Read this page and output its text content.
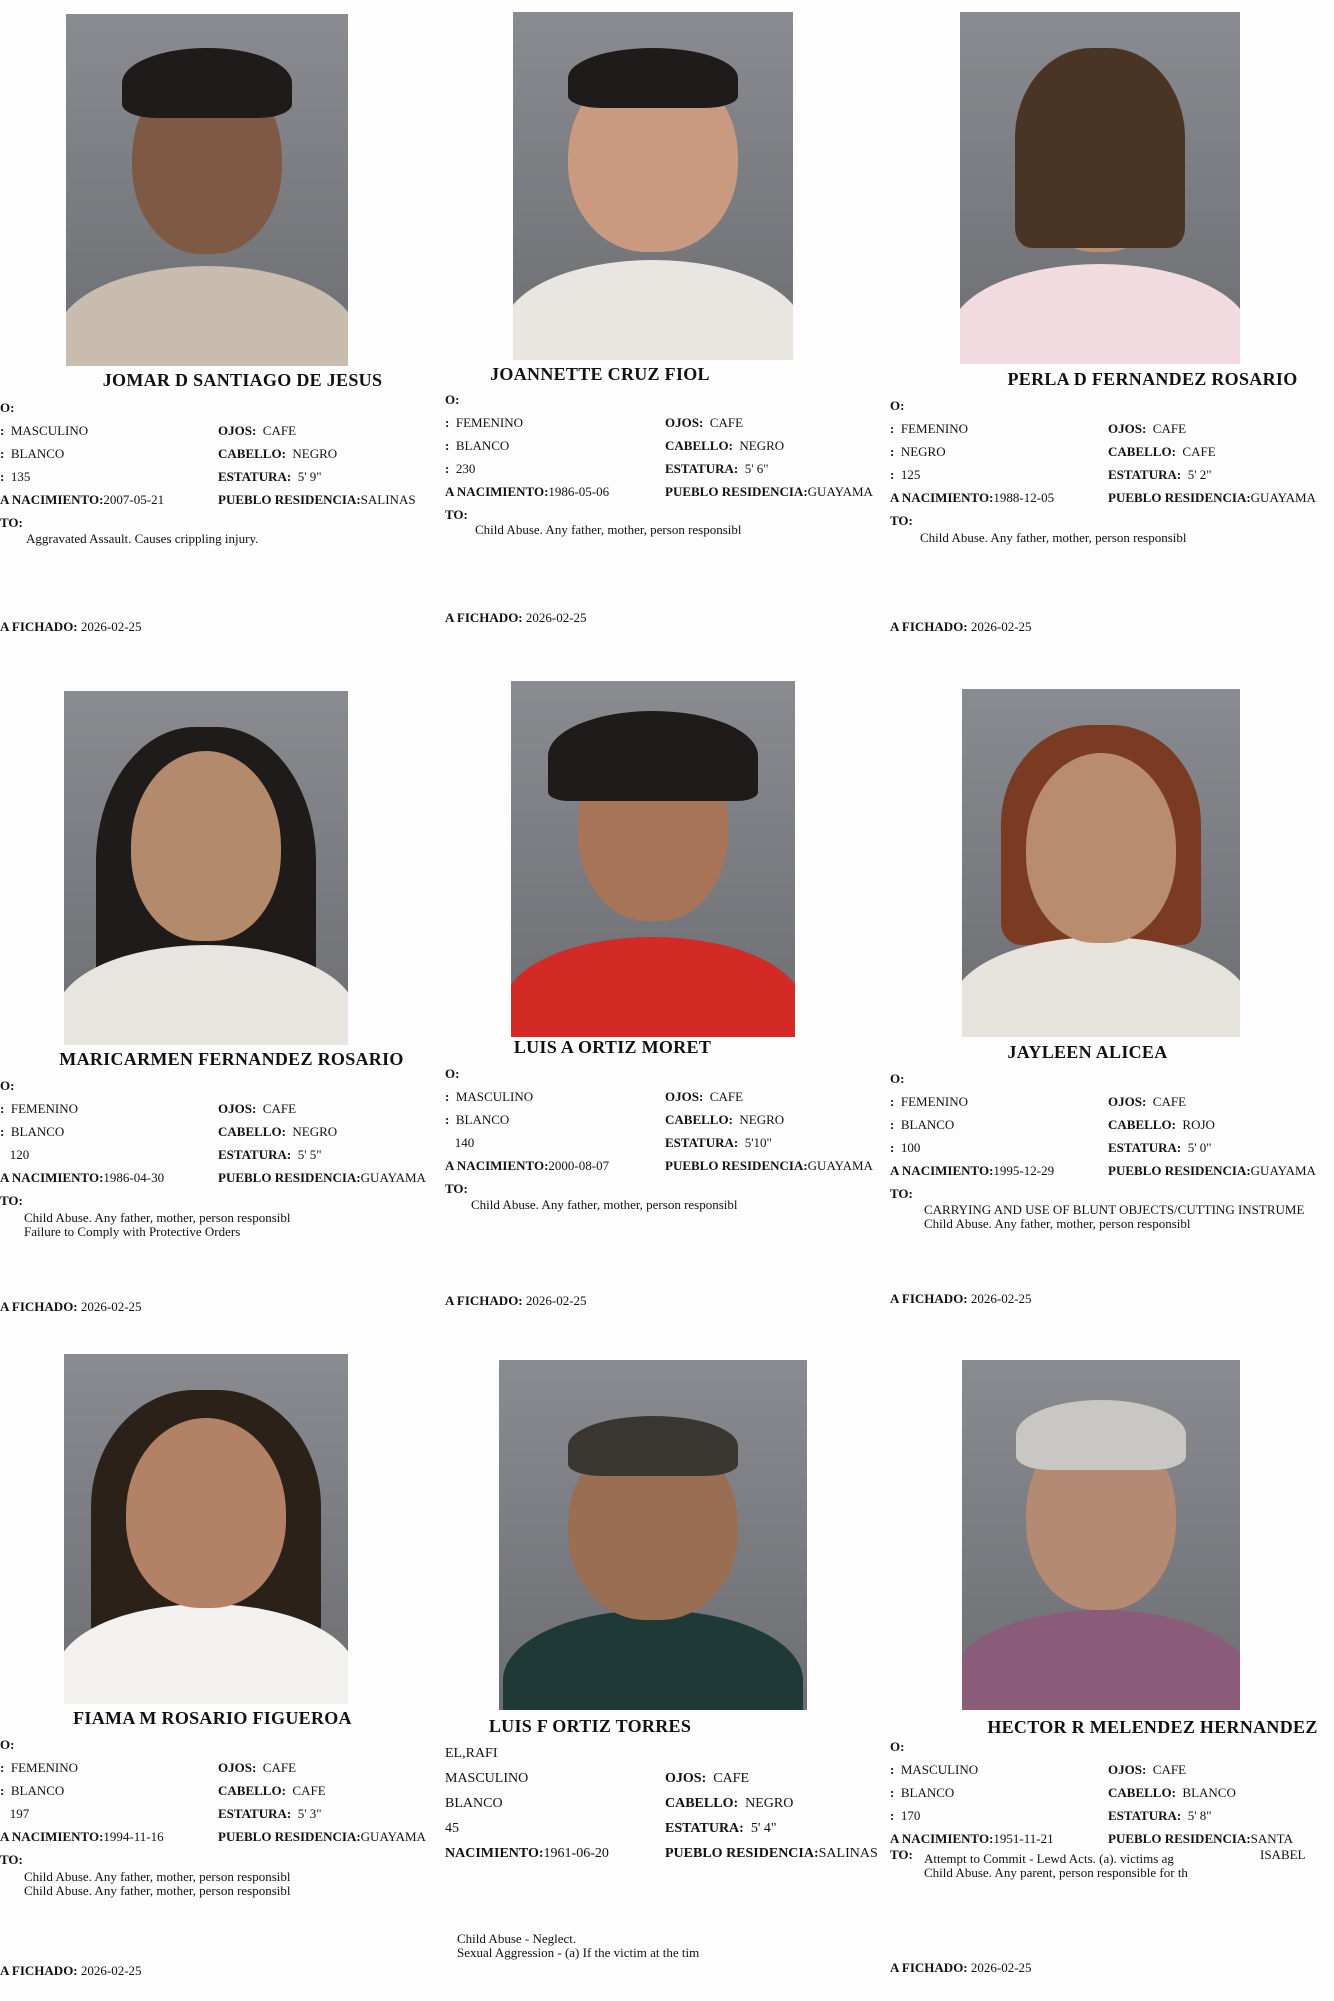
JOMAR D SANTIAGO DE JESUS
O:
: MASCULINO	OJOS: CAFE
: BLANCO	CABELLO: NEGRO
: 135	ESTATURA: 5' 9"
A NACIMIENTO:2007-05-21	PUEBLO RESIDENCIA:SALINAS
TO:
Aggravated Assault. Causes crippling injury.
A FICHADO: 2026-02-25
JOANNETTE CRUZ FIOL
O:
: FEMENINO	OJOS: CAFE
: BLANCO	CABELLO: NEGRO
: 230	ESTATURA: 5' 6"
A NACIMIENTO:1986-05-06	PUEBLO RESIDENCIA:GUAYAMA
TO:
Child Abuse. Any father, mother, person responsibl
A FICHADO: 2026-02-25
PERLA D FERNANDEZ ROSARIO
O:
: FEMENINO	OJOS: CAFE
: NEGRO	CABELLO: CAFE
: 125	ESTATURA: 5' 2"
A NACIMIENTO:1988-12-05	PUEBLO RESIDENCIA:GUAYAMA
TO:
Child Abuse. Any father, mother, person responsibl
A FICHADO: 2026-02-25
MARICARMEN FERNANDEZ ROSARIO
O:
: FEMENINO	OJOS: CAFE
: BLANCO	CABELLO: NEGRO
120	ESTATURA: 5' 5"
A NACIMIENTO:1986-04-30	PUEBLO RESIDENCIA:GUAYAMA
TO:
Child Abuse. Any father, mother, person responsibl
Failure to Comply with Protective Orders
A FICHADO: 2026-02-25
LUIS A ORTIZ MORET
O:
: MASCULINO	OJOS: CAFE
: BLANCO	CABELLO: NEGRO
140	ESTATURA: 5'10"
A NACIMIENTO:2000-08-07	PUEBLO RESIDENCIA:GUAYAMA
TO:
Child Abuse. Any father, mother, person responsibl
A FICHADO: 2026-02-25
JAYLEEN ALICEA
O:
: FEMENINO	OJOS: CAFE
: BLANCO	CABELLO: ROJO
: 100	ESTATURA: 5' 0"
A NACIMIENTO:1995-12-29	PUEBLO RESIDENCIA:GUAYAMA
TO:
CARRYING AND USE OF BLUNT OBJECTS/CUTTING INSTRUME
Child Abuse. Any father, mother, person responsibl
A FICHADO: 2026-02-25
FIAMA M ROSARIO FIGUEROA
O:
: FEMENINO	OJOS: CAFE
: BLANCO	CABELLO: CAFE
197	ESTATURA: 5' 3"
A NACIMIENTO:1994-11-16	PUEBLO RESIDENCIA:GUAYAMA
TO:
Child Abuse. Any father, mother, person responsibl
Child Abuse. Any father, mother, person responsibl
A FICHADO: 2026-02-25
LUIS F ORTIZ TORRES
EL,RAFI
MASCULINO	OJOS: CAFE
BLANCO	CABELLO: NEGRO
45	ESTATURA: 5' 4"
NACIMIENTO:1961-06-20	PUEBLO RESIDENCIA:SALINAS
Child Abuse - Neglect.
Sexual Aggression - (a) If the victim at the tim
HECTOR R MELENDEZ HERNANDEZ
O:
: MASCULINO	OJOS: CAFE
: BLANCO	CABELLO: BLANCO
: 170	ESTATURA: 5' 8"
A NACIMIENTO:1951-11-21	PUEBLO RESIDENCIA:SANTA
TO:	ISABEL
Attempt to Commit - Lewd Acts. (a). victims ag
Child Abuse. Any parent, person responsible for th
A FICHADO: 2026-02-25
